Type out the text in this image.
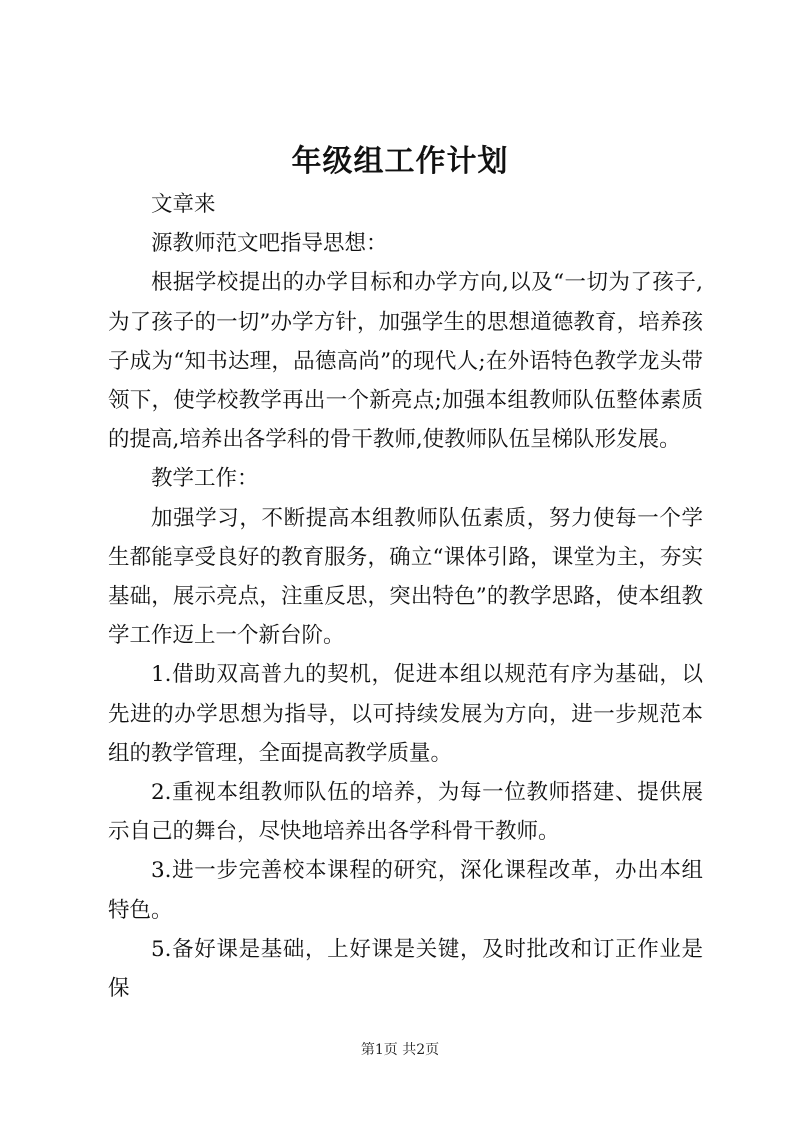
年级组工作计划

文章来

源教师范文吧指导思想：

根据学校提出的办学目标和办学方向,以及“一切为了孩子,为了孩子的一切”办学方针，加强学生的思想道德教育，培养孩子成为“知书达理，品德高尚”的现代人;在外语特色教学龙头带领下，使学校教学再出一个新亮点;加强本组教师队伍整体素质的提高,培养出各学科的骨干教师,使教师队伍呈梯队形发展。

教学工作：

加强学习，不断提高本组教师队伍素质，努力使每一个学生都能享受良好的教育服务，确立“课体引路，课堂为主，夯实基础，展示亮点，注重反思，突出特色”的教学思路，使本组教学工作迈上一个新台阶。

1.借助双高普九的契机，促进本组以规范有序为基础，以先进的办学思想为指导，以可持续发展为方向，进一步规范本组的教学管理，全面提高教学质量。

2.重视本组教师队伍的培养，为每一位教师搭建、提供展示自己的舞台，尽快地培养出各学科骨干教师。

3.进一步完善校本课程的研究，深化课程改革，办出本组特色。

5.备好课是基础，上好课是关键，及时批改和订正作业是保

第1页 共2页
